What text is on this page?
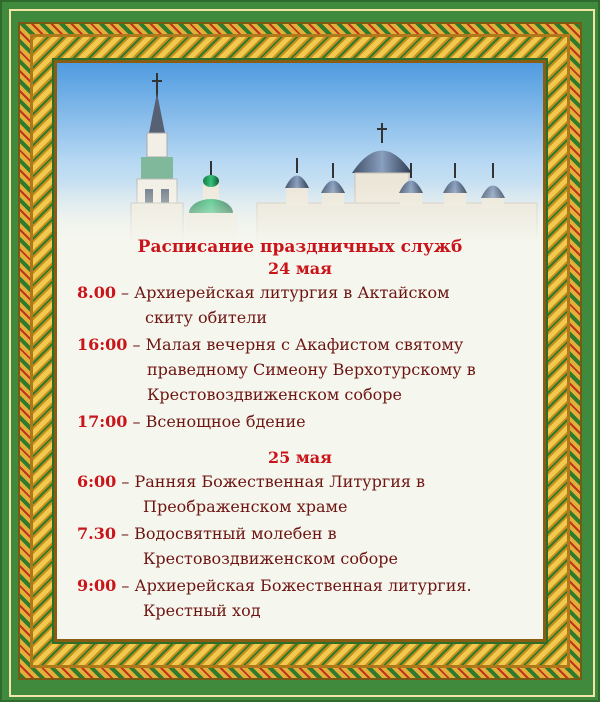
Расписание праздничных служб
24 мая
8.00 – Архиерейская литургия в Актайском
скиту обители
16:00 – Малая вечерня с Акафистом святому
праведному Симеону Верхотурскому в
Крестовоздвиженском соборе
17:00 – Всенощное бдение
25 мая
6:00 – Ранняя Божественная Литургия в
Преображенском храме
7.30 – Водосвятный молебен в
Крестовоздвиженском соборе
9:00 – Архиерейская Божественная литургия.
Крестный ход
